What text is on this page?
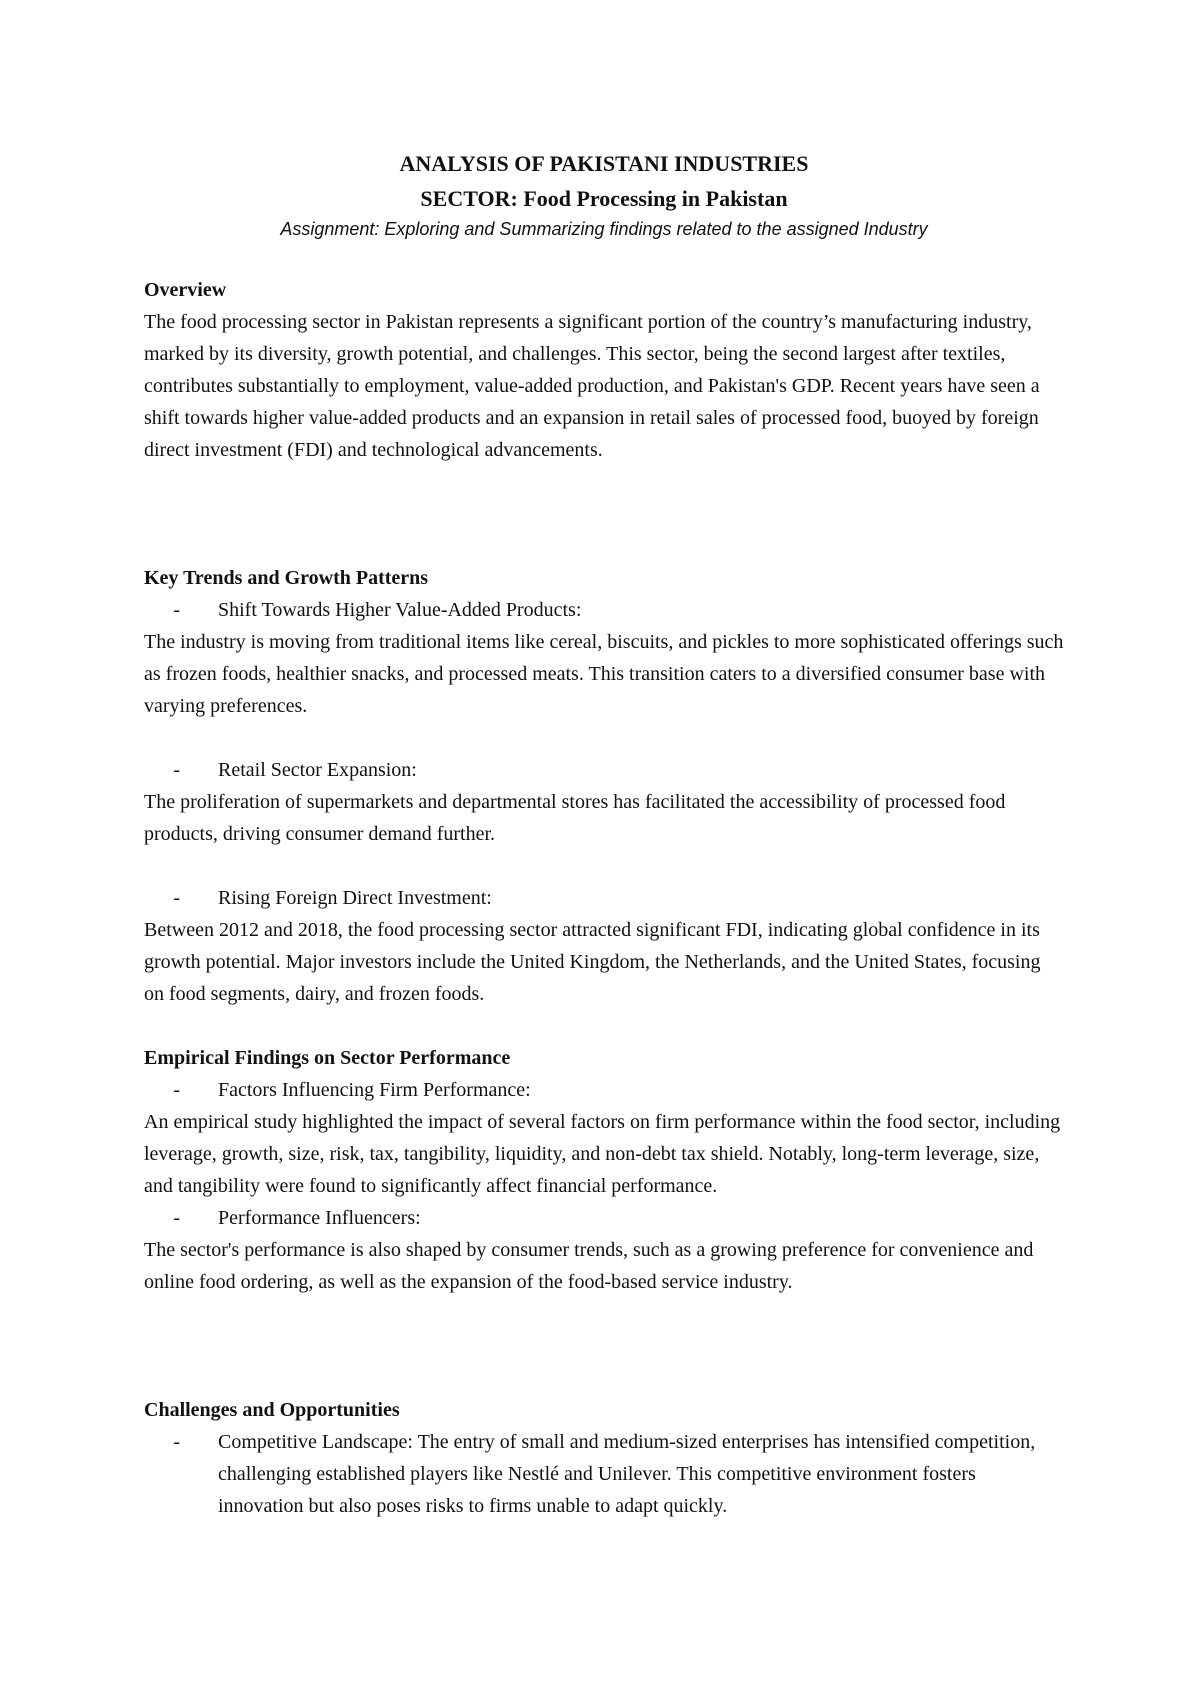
ANALYSIS OF PAKISTANI INDUSTRIES
SECTOR: Food Processing in Pakistan
Assignment: Exploring and Summarizing findings related to the assigned Industry
Overview

The food processing sector in Pakistan represents a significant portion of the country’s manufacturing industry, marked by its diversity, growth potential, and challenges. This sector, being the second largest after textiles, contributes substantially to employment, value-added production, and Pakistan's GDP. Recent years have seen a shift towards higher value-added products and an expansion in retail sales of processed food, buoyed by foreign direct investment (FDI) and technological advancements.

Key Trends and Growth Patterns
-	Shift Towards Higher Value-Added Products:

The industry is moving from traditional items like cereal, biscuits, and pickles to more sophisticated offerings such as frozen foods, healthier snacks, and processed meats. This transition caters to a diversified consumer base with varying preferences.

-	Retail Sector Expansion:

The proliferation of supermarkets and departmental stores has facilitated the accessibility of processed food products, driving consumer demand further.

-	Rising Foreign Direct Investment:

Between 2012 and 2018, the food processing sector attracted significant FDI, indicating global confidence in its growth potential. Major investors include the United Kingdom, the Netherlands, and the United States, focusing on food segments, dairy, and frozen foods.

Empirical Findings on Sector Performance
-	Factors Influencing Firm Performance:

An empirical study highlighted the impact of several factors on firm performance within the food sector, including leverage, growth, size, risk, tax, tangibility, liquidity, and non-debt tax shield. Notably, long-term leverage, size, and tangibility were found to significantly affect financial performance.

-	Performance Influencers:

The sector's performance is also shaped by consumer trends, such as a growing preference for convenience and online food ordering, as well as the expansion of the food-based service industry.

Challenges and Opportunities
-	Competitive Landscape: The entry of small and medium-sized enterprises has intensified competition, challenging established players like Nestlé and Unilever. This competitive environment fosters innovation but also poses risks to firms unable to adapt quickly.
